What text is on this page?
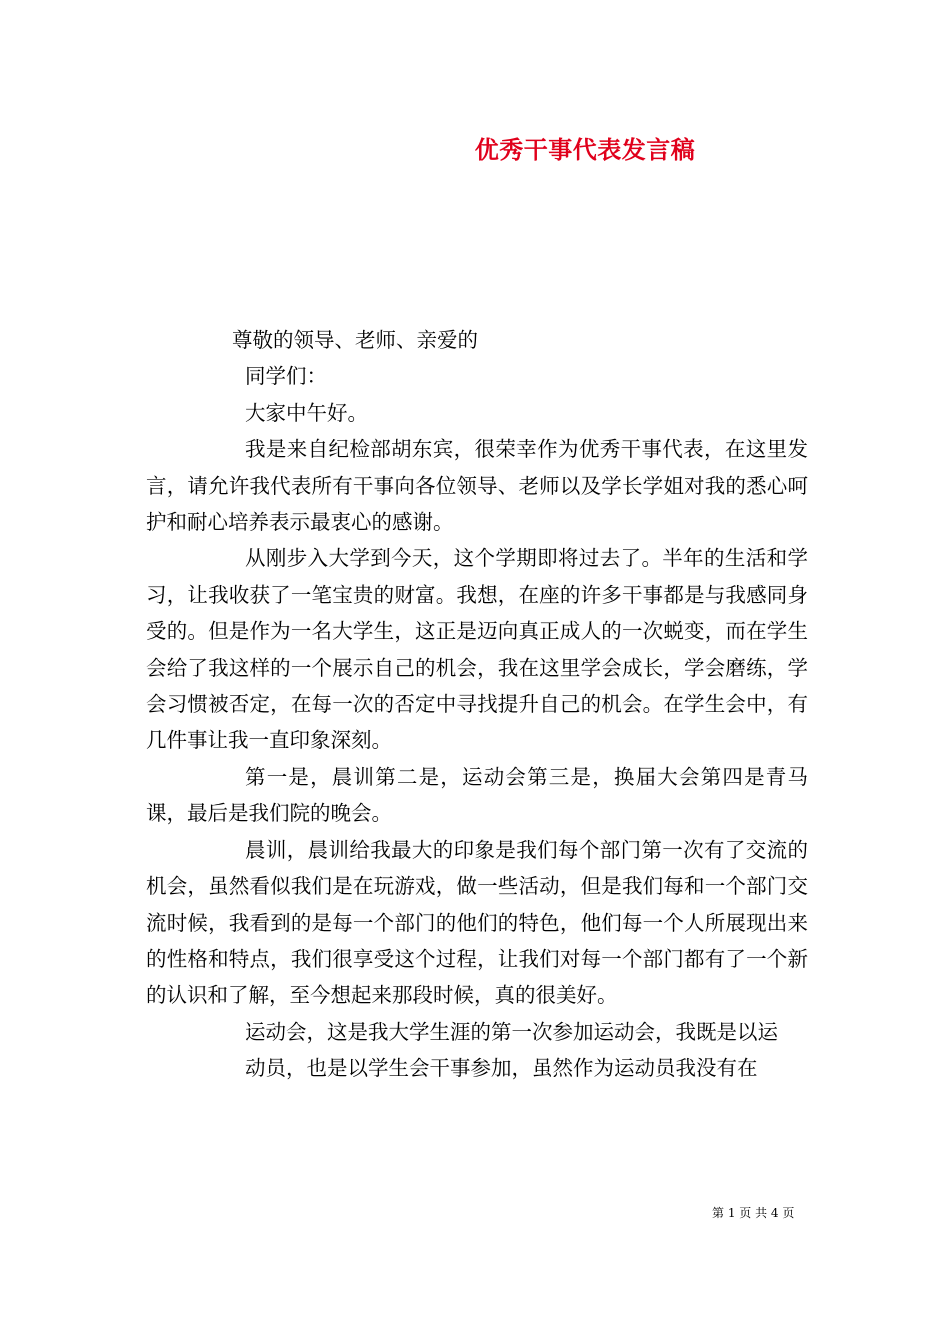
优秀干事代表发言稿

尊敬的领导、老师、亲爱的

同学们：

大家中午好。

我是来自纪检部胡东宾，很荣幸作为优秀干事代表，在这里发言，请允许我代表所有干事向各位领导、老师以及学长学姐对我的悉心呵护和耐心培养表示最衷心的感谢。

从刚步入大学到今天，这个学期即将过去了。半年的生活和学习，让我收获了一笔宝贵的财富。我想，在座的许多干事都是与我感同身受的。但是作为一名大学生，这正是迈向真正成人的一次蜕变，而在学生会给了我这样的一个展示自己的机会，我在这里学会成长，学会磨练，学会习惯被否定，在每一次的否定中寻找提升自己的机会。在学生会中，有几件事让我一直印象深刻。

第一是，晨训第二是，运动会第三是，换届大会第四是青马课，最后是我们院的晚会。

晨训，晨训给我最大的印象是我们每个部门第一次有了交流的机会，虽然看似我们是在玩游戏，做一些活动，但是我们每和一个部门交流时候，我看到的是每一个部门的他们的特色，他们每一个人所展现出来的性格和特点，我们很享受这个过程，让我们对每一个部门都有了一个新的认识和了解，至今想起来那段时候，真的很美好。

运动会，这是我大学生涯的第一次参加运动会，我既是以运

动员，也是以学生会干事参加，虽然作为运动员我没有在

第 1 页 共 4 页
